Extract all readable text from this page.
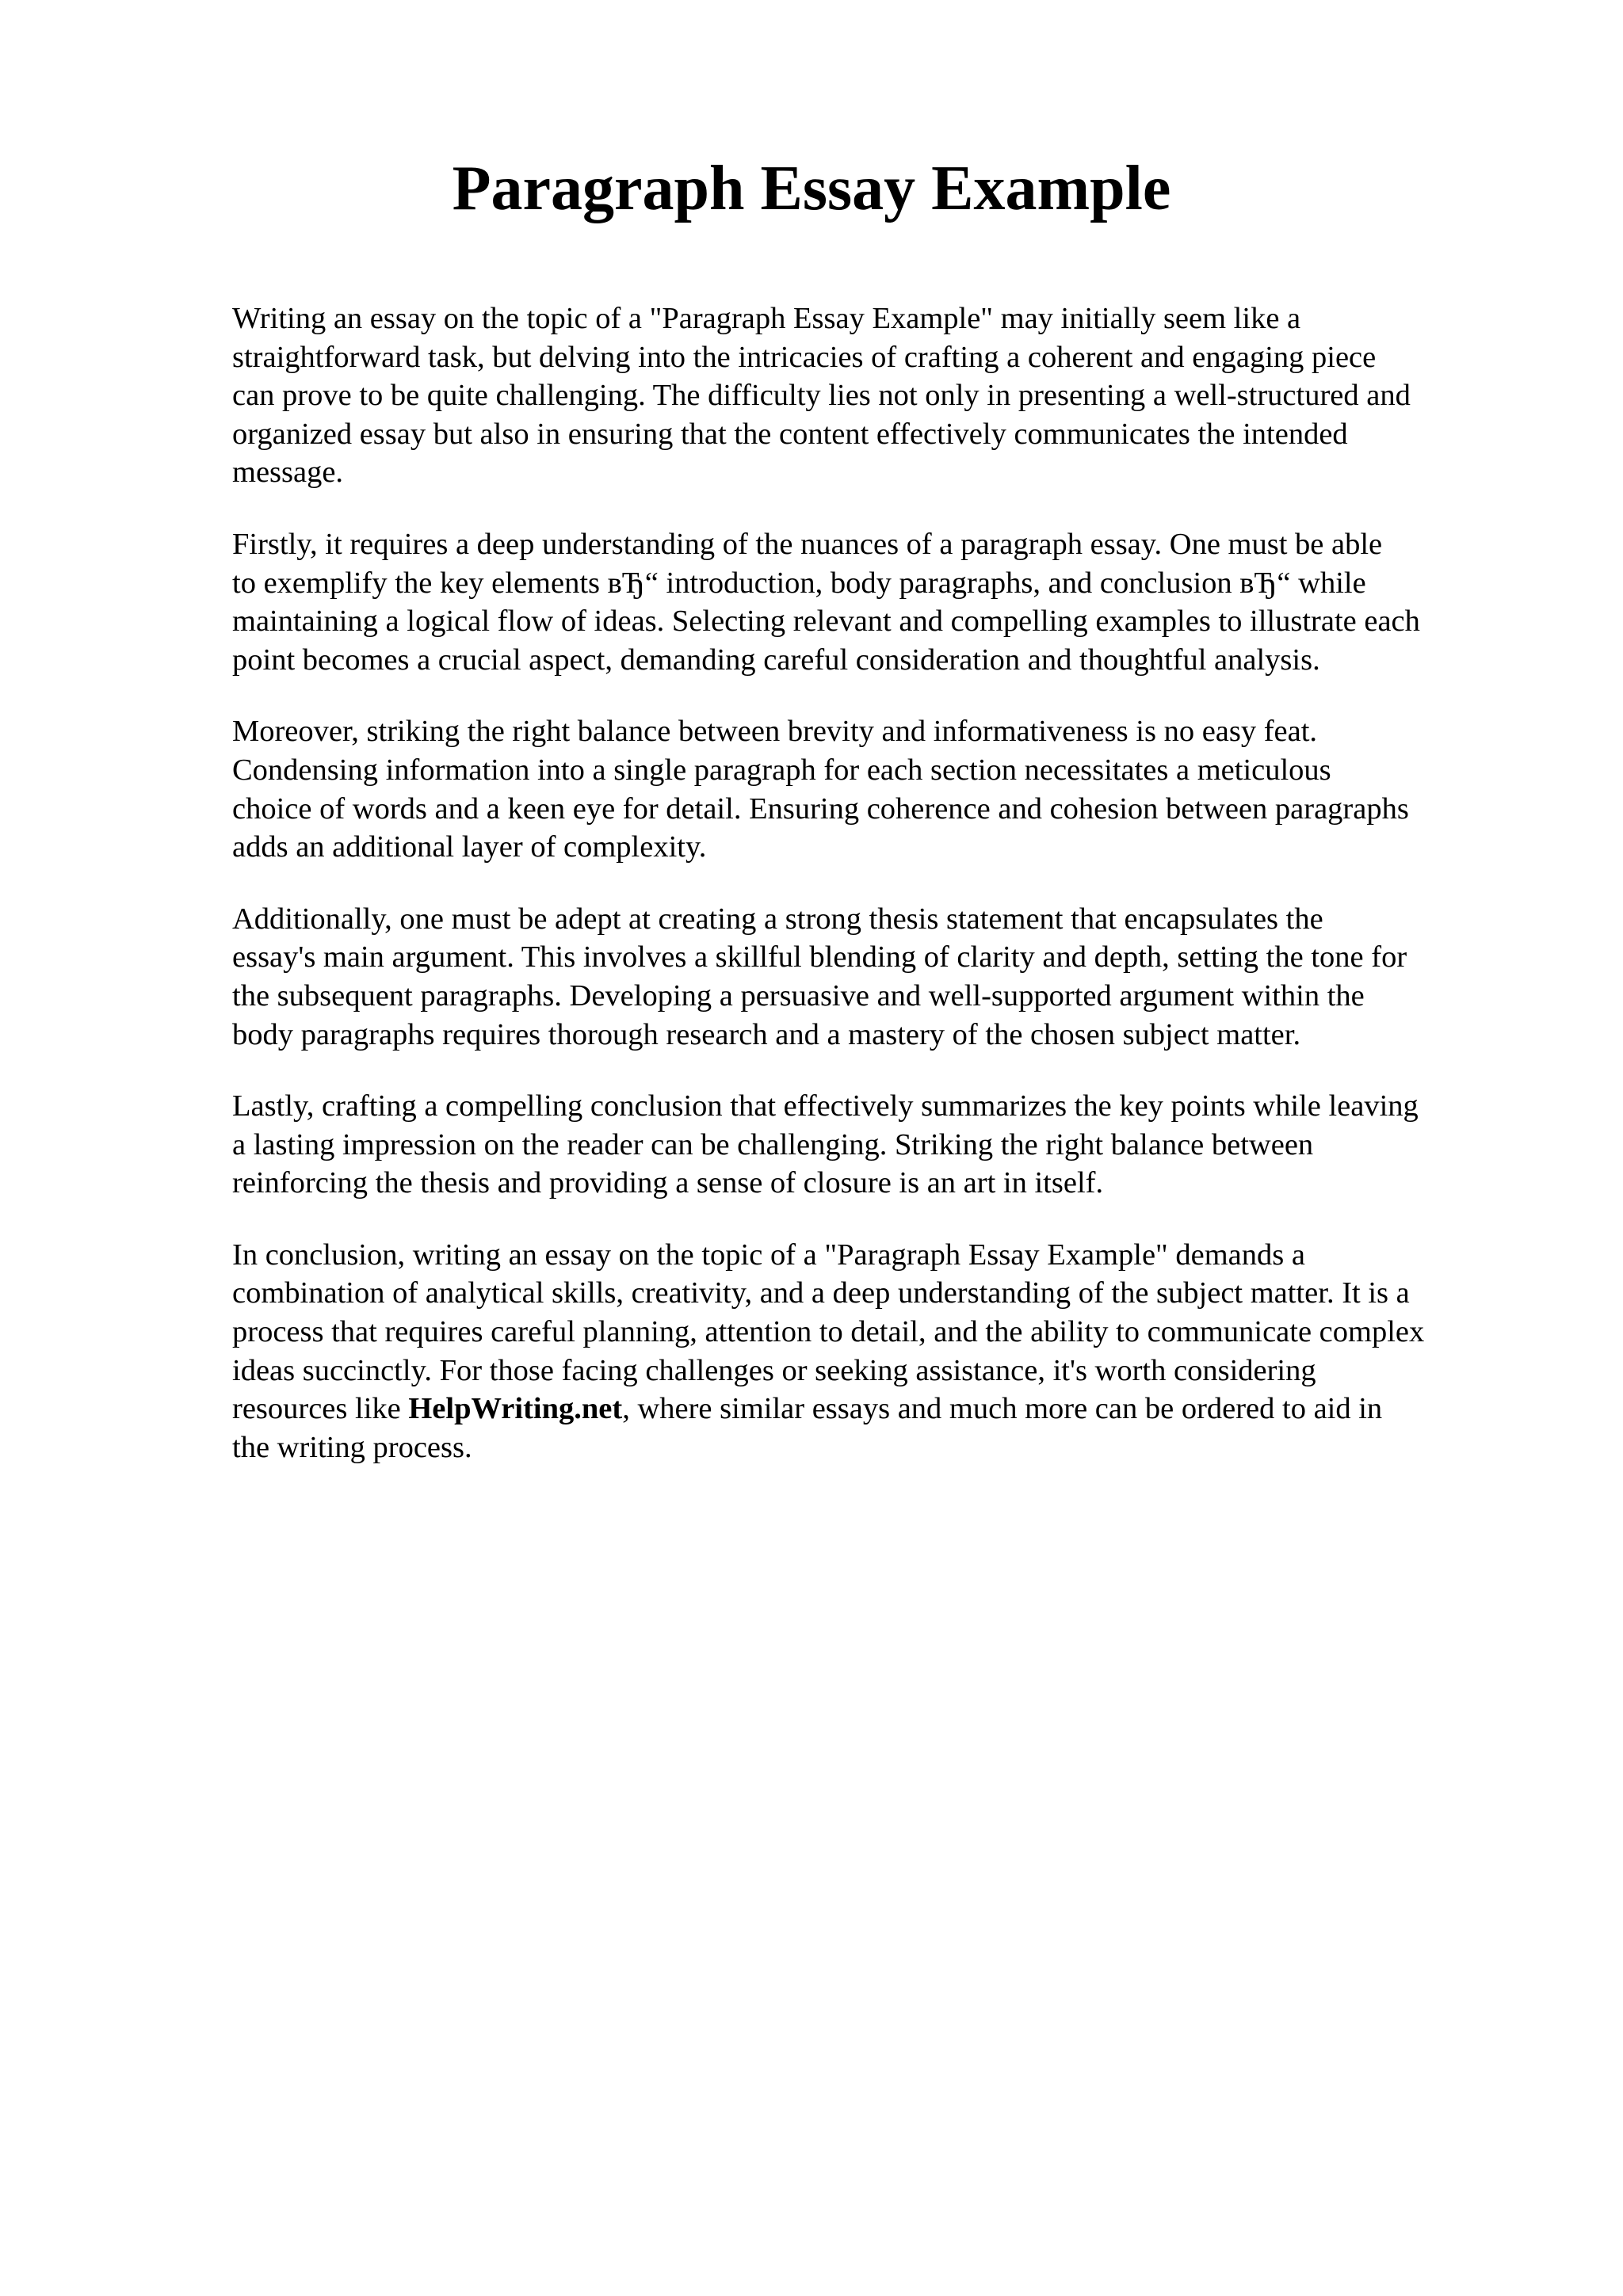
Paragraph Essay Example

Writing an essay on the topic of a "Paragraph Essay Example" may initially seem like a
straightforward task, but delving into the intricacies of crafting a coherent and engaging piece
can prove to be quite challenging. The difficulty lies not only in presenting a well-structured and
organized essay but also in ensuring that the content effectively communicates the intended
message.

Firstly, it requires a deep understanding of the nuances of a paragraph essay. One must be able
to exemplify the key elements вЂ“ introduction, body paragraphs, and conclusion вЂ“ while
maintaining a logical flow of ideas. Selecting relevant and compelling examples to illustrate each
point becomes a crucial aspect, demanding careful consideration and thoughtful analysis.

Moreover, striking the right balance between brevity and informativeness is no easy feat.
Condensing information into a single paragraph for each section necessitates a meticulous
choice of words and a keen eye for detail. Ensuring coherence and cohesion between paragraphs
adds an additional layer of complexity.

Additionally, one must be adept at creating a strong thesis statement that encapsulates the
essay's main argument. This involves a skillful blending of clarity and depth, setting the tone for
the subsequent paragraphs. Developing a persuasive and well-supported argument within the
body paragraphs requires thorough research and a mastery of the chosen subject matter.

Lastly, crafting a compelling conclusion that effectively summarizes the key points while leaving
a lasting impression on the reader can be challenging. Striking the right balance between
reinforcing the thesis and providing a sense of closure is an art in itself.

In conclusion, writing an essay on the topic of a "Paragraph Essay Example" demands a
combination of analytical skills, creativity, and a deep understanding of the subject matter. It is a
process that requires careful planning, attention to detail, and the ability to communicate complex
ideas succinctly. For those facing challenges or seeking assistance, it's worth considering
resources like HelpWriting.net, where similar essays and much more can be ordered to aid in
the writing process.
